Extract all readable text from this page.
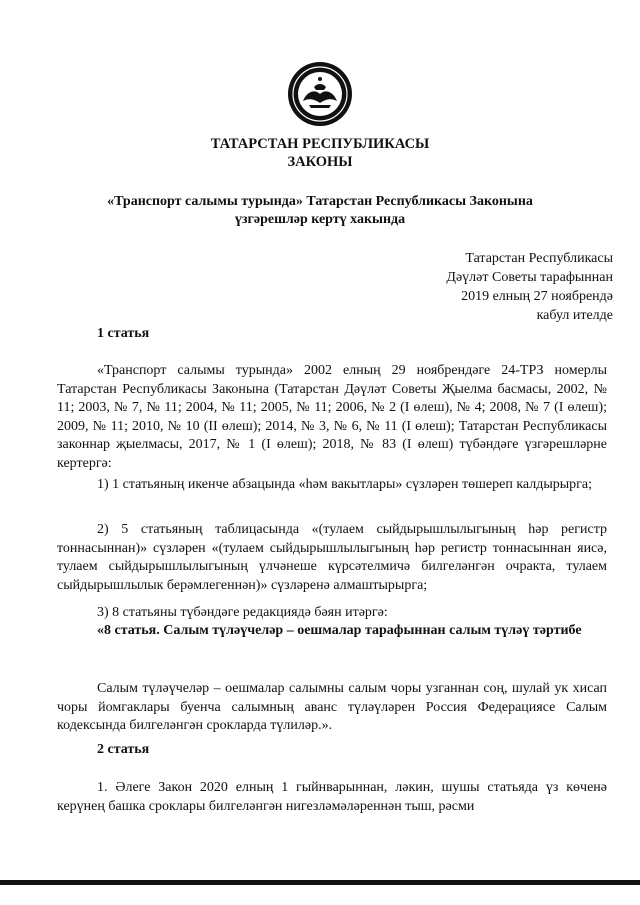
ТАТАРСТАН РЕСПУБЛИКАСЫ
ЗАКОНЫ
«Транспорт салымы турында» Татарстан Республикасы Законына
үзгәрешләр кертү хакында
Татарстан Республикасы
Дәүләт Советы тарафыннан
2019 елның 27 ноябрендә
кабул ителде
1 статья
«Транспорт салымы турында» 2002 елның 29 ноябрендәге 24-ТРЗ номерлы Татарстан Республикасы Законына (Татарстан Дәүләт Советы Җыелма басмасы, 2002, № 11; 2003, № 7, № 11; 2004, № 11; 2005, № 11; 2006, № 2 (I өлеш), № 4; 2008, № 7 (I өлеш); 2009, № 11; 2010, № 10 (II өлеш); 2014, № 3, № 6, № 11 (I өлеш); Татарстан Республикасы законнар җыелмасы, 2017, № 1 (I өлеш); 2018, № 83 (I өлеш) түбәндәге үзгәрешләрне кертергә:
1) 1 статьяның икенче абзацында «һәм вакытлары» сүзләрен төшереп калдырырга;
2) 5 статьяның таблицасында «(тулаем сыйдырышлылыгының һәр регистр тоннасыннан)» сүзләрен «(тулаем сыйдырышлылыгының һәр регистр тоннасыннан яисә, тулаем сыйдырышлылыгының үлчәнеше күрсәтелмичә билгеләнгән очракта, тулаем сыйдырышлылык берәмлегеннән)» сүзләренә алмаштырырга;
3) 8 статьяны түбәндәге редакциядә бәян итәргә:
«8 статья. Салым түләүчеләр – оешмалар тарафыннан салым түләү тәртибе
Салым түләүчеләр – оешмалар салымны салым чоры узганнан соң, шулай ук хисап чоры йомгаклары буенча салымның аванс түләүләрен Россия Федерациясе Салым кодексында билгеләнгән срокларда түлиләр.».
2 статья
1. Әлеге Закон 2020 елның 1 гыйнварыннан, ләкин, шушы статьяда үз көченә керүнең башка сроклары билгеләнгән нигезләмәләреннән тыш, рәсми
